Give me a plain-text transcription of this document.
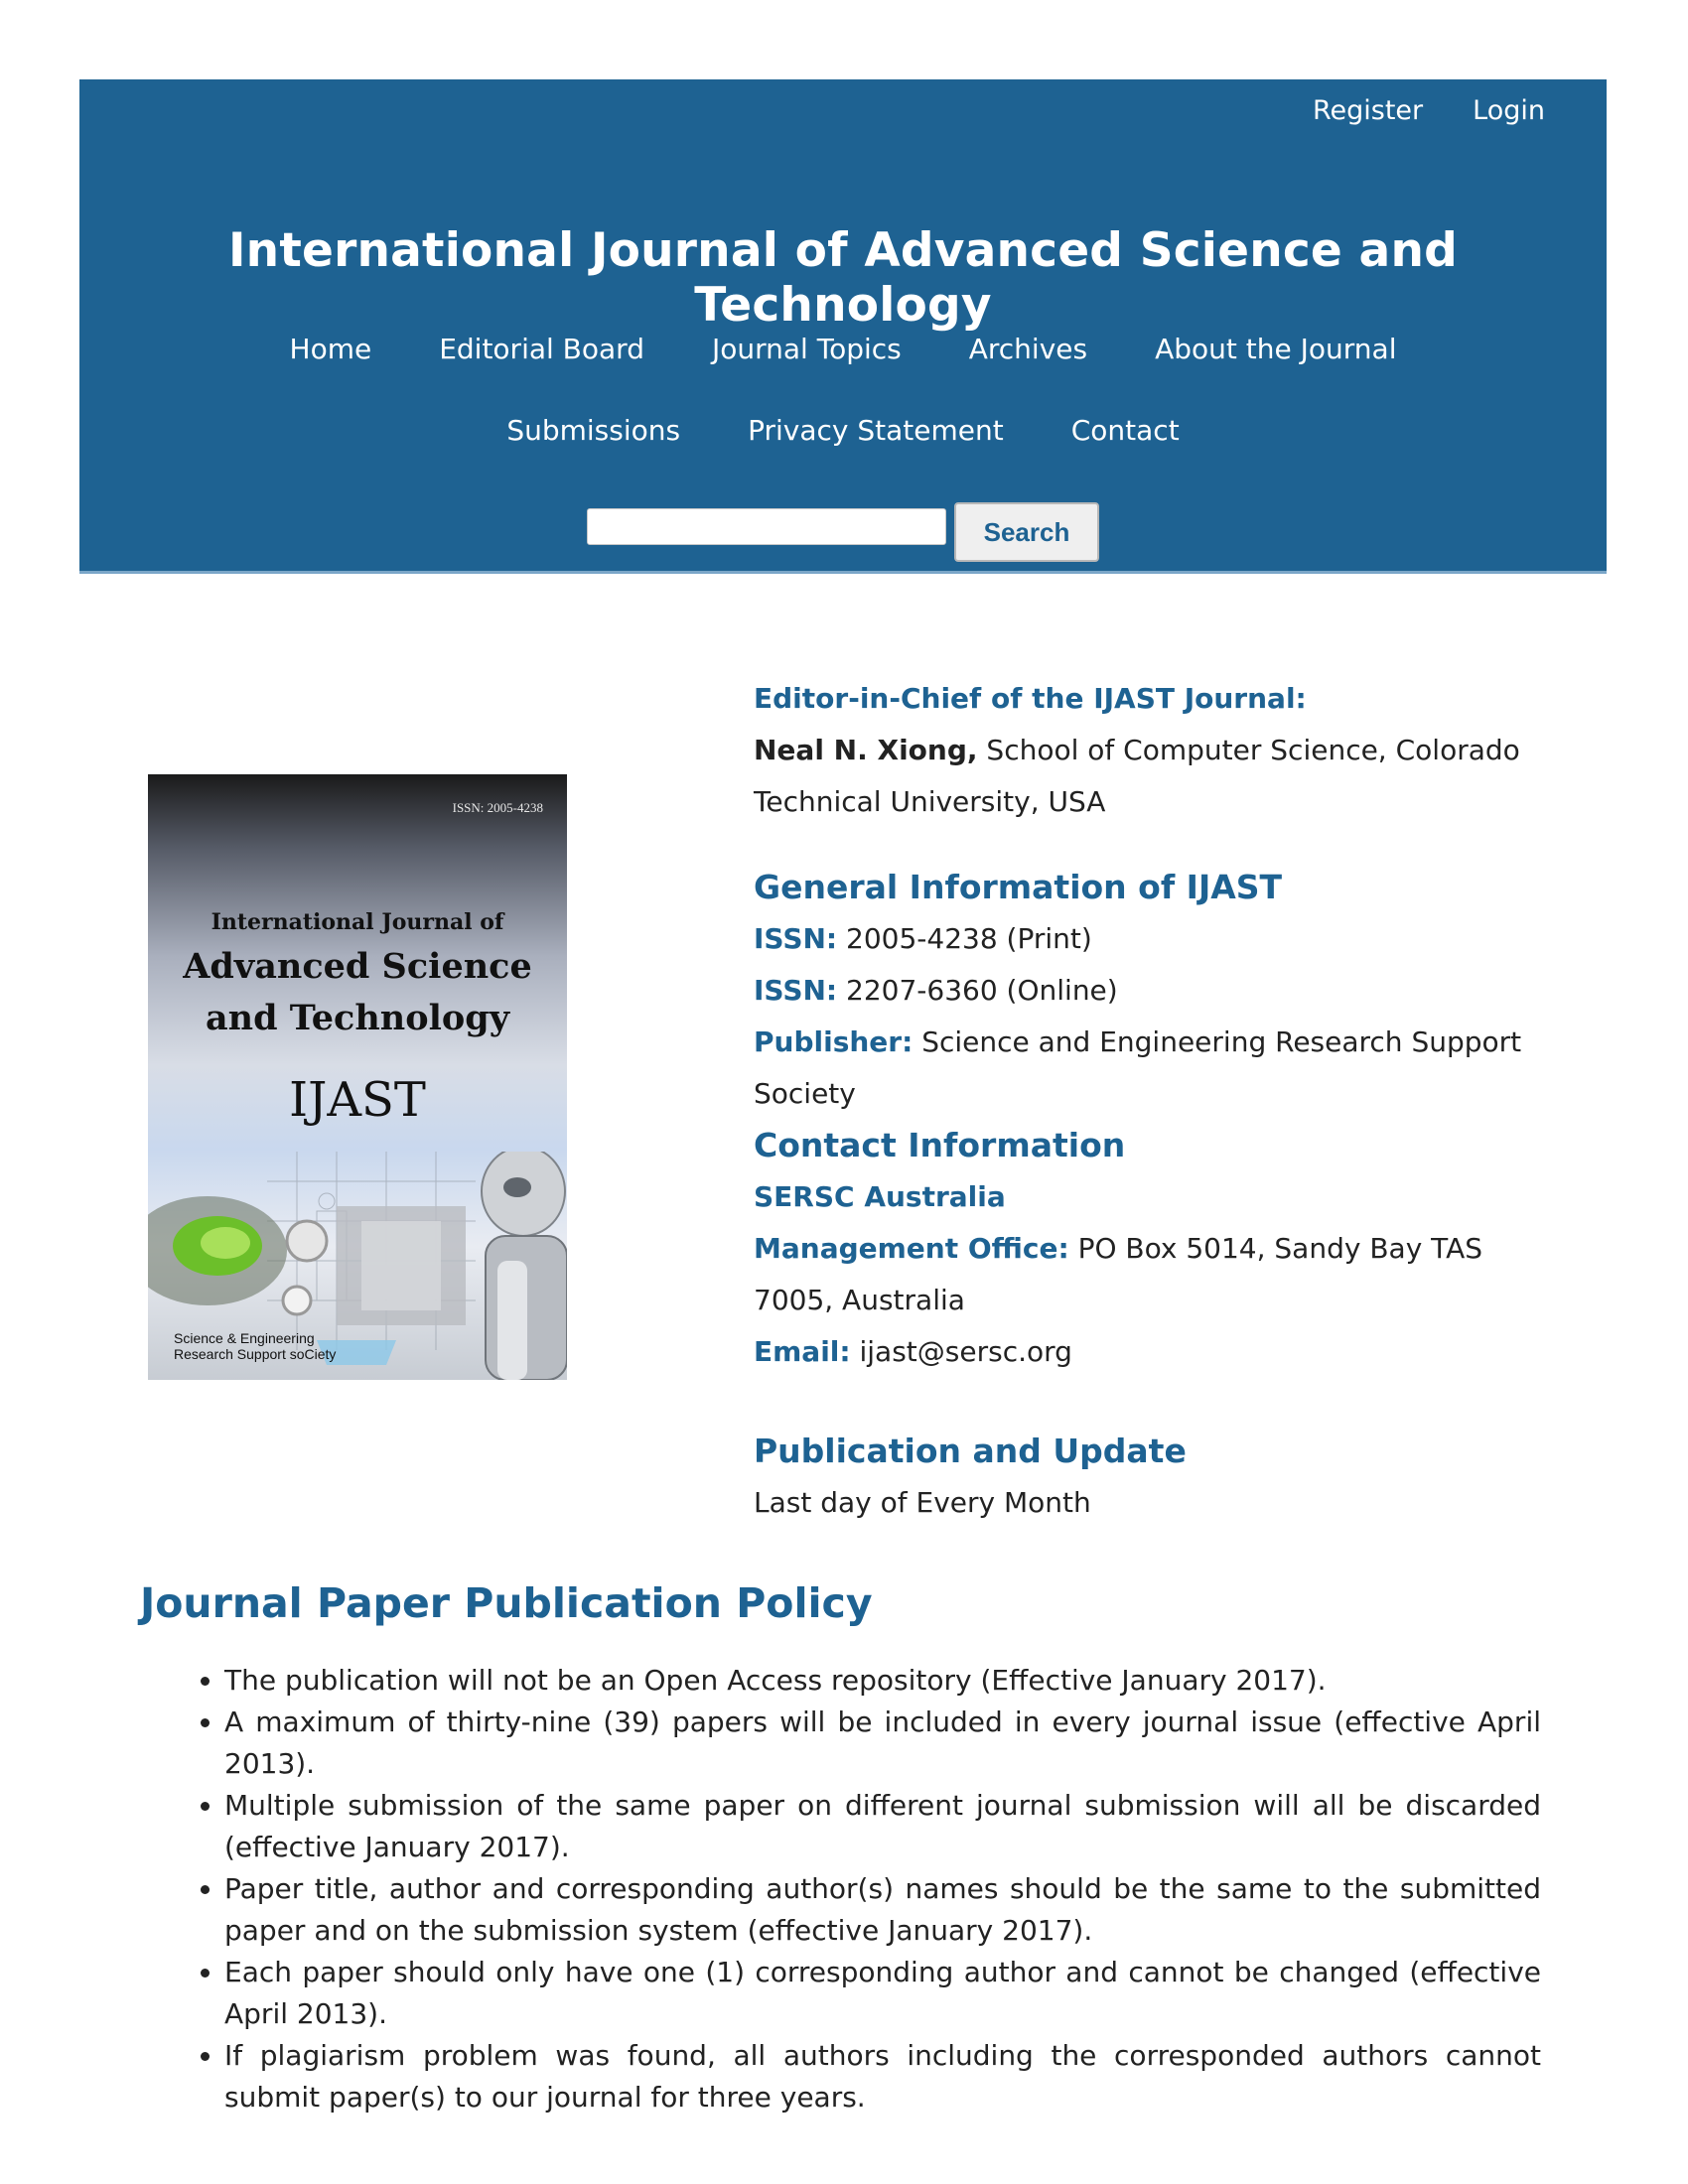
Register Login
International Journal of Advanced Science and Technology
Home	Editorial Board	Journal Topics	Archives	About the Journal
Submissions	Privacy Statement	Contact
Search
ISSN: 2005-4238
International Journal of
Advanced Science and Technology
IJAST
Science & Engineering
Research Support soCiety

Editor-in-Chief of the IJAST Journal:

Neal N. Xiong, School of Computer Science, Colorado Technical University, USA

General Information of IJAST

ISSN: 2005-4238 (Print)

ISSN: 2207-6360 (Online)

Publisher: Science and Engineering Research Support Society

Contact Information

SERSC Australia

Management Office: PO Box 5014, Sandy Bay TAS 7005, Australia

Email: ijast@sersc.org

Publication and Update

Last day of Every Month

Journal Paper Publication Policy
• The publication will not be an Open Access repository (Effective January 2017).
• A maximum of thirty-nine (39) papers will be included in every journal issue (effective April 2013).
• Multiple submission of the same paper on different journal submission will all be discarded (effective January 2017).
• Paper title, author and corresponding author(s) names should be the same to the submitted paper and on the submission system (effective January 2017).
• Each paper should only have one (1) corresponding author and cannot be changed (effective April 2013).
• If plagiarism problem was found, all authors including the corresponded authors cannot submit paper(s) to our journal for three years.
